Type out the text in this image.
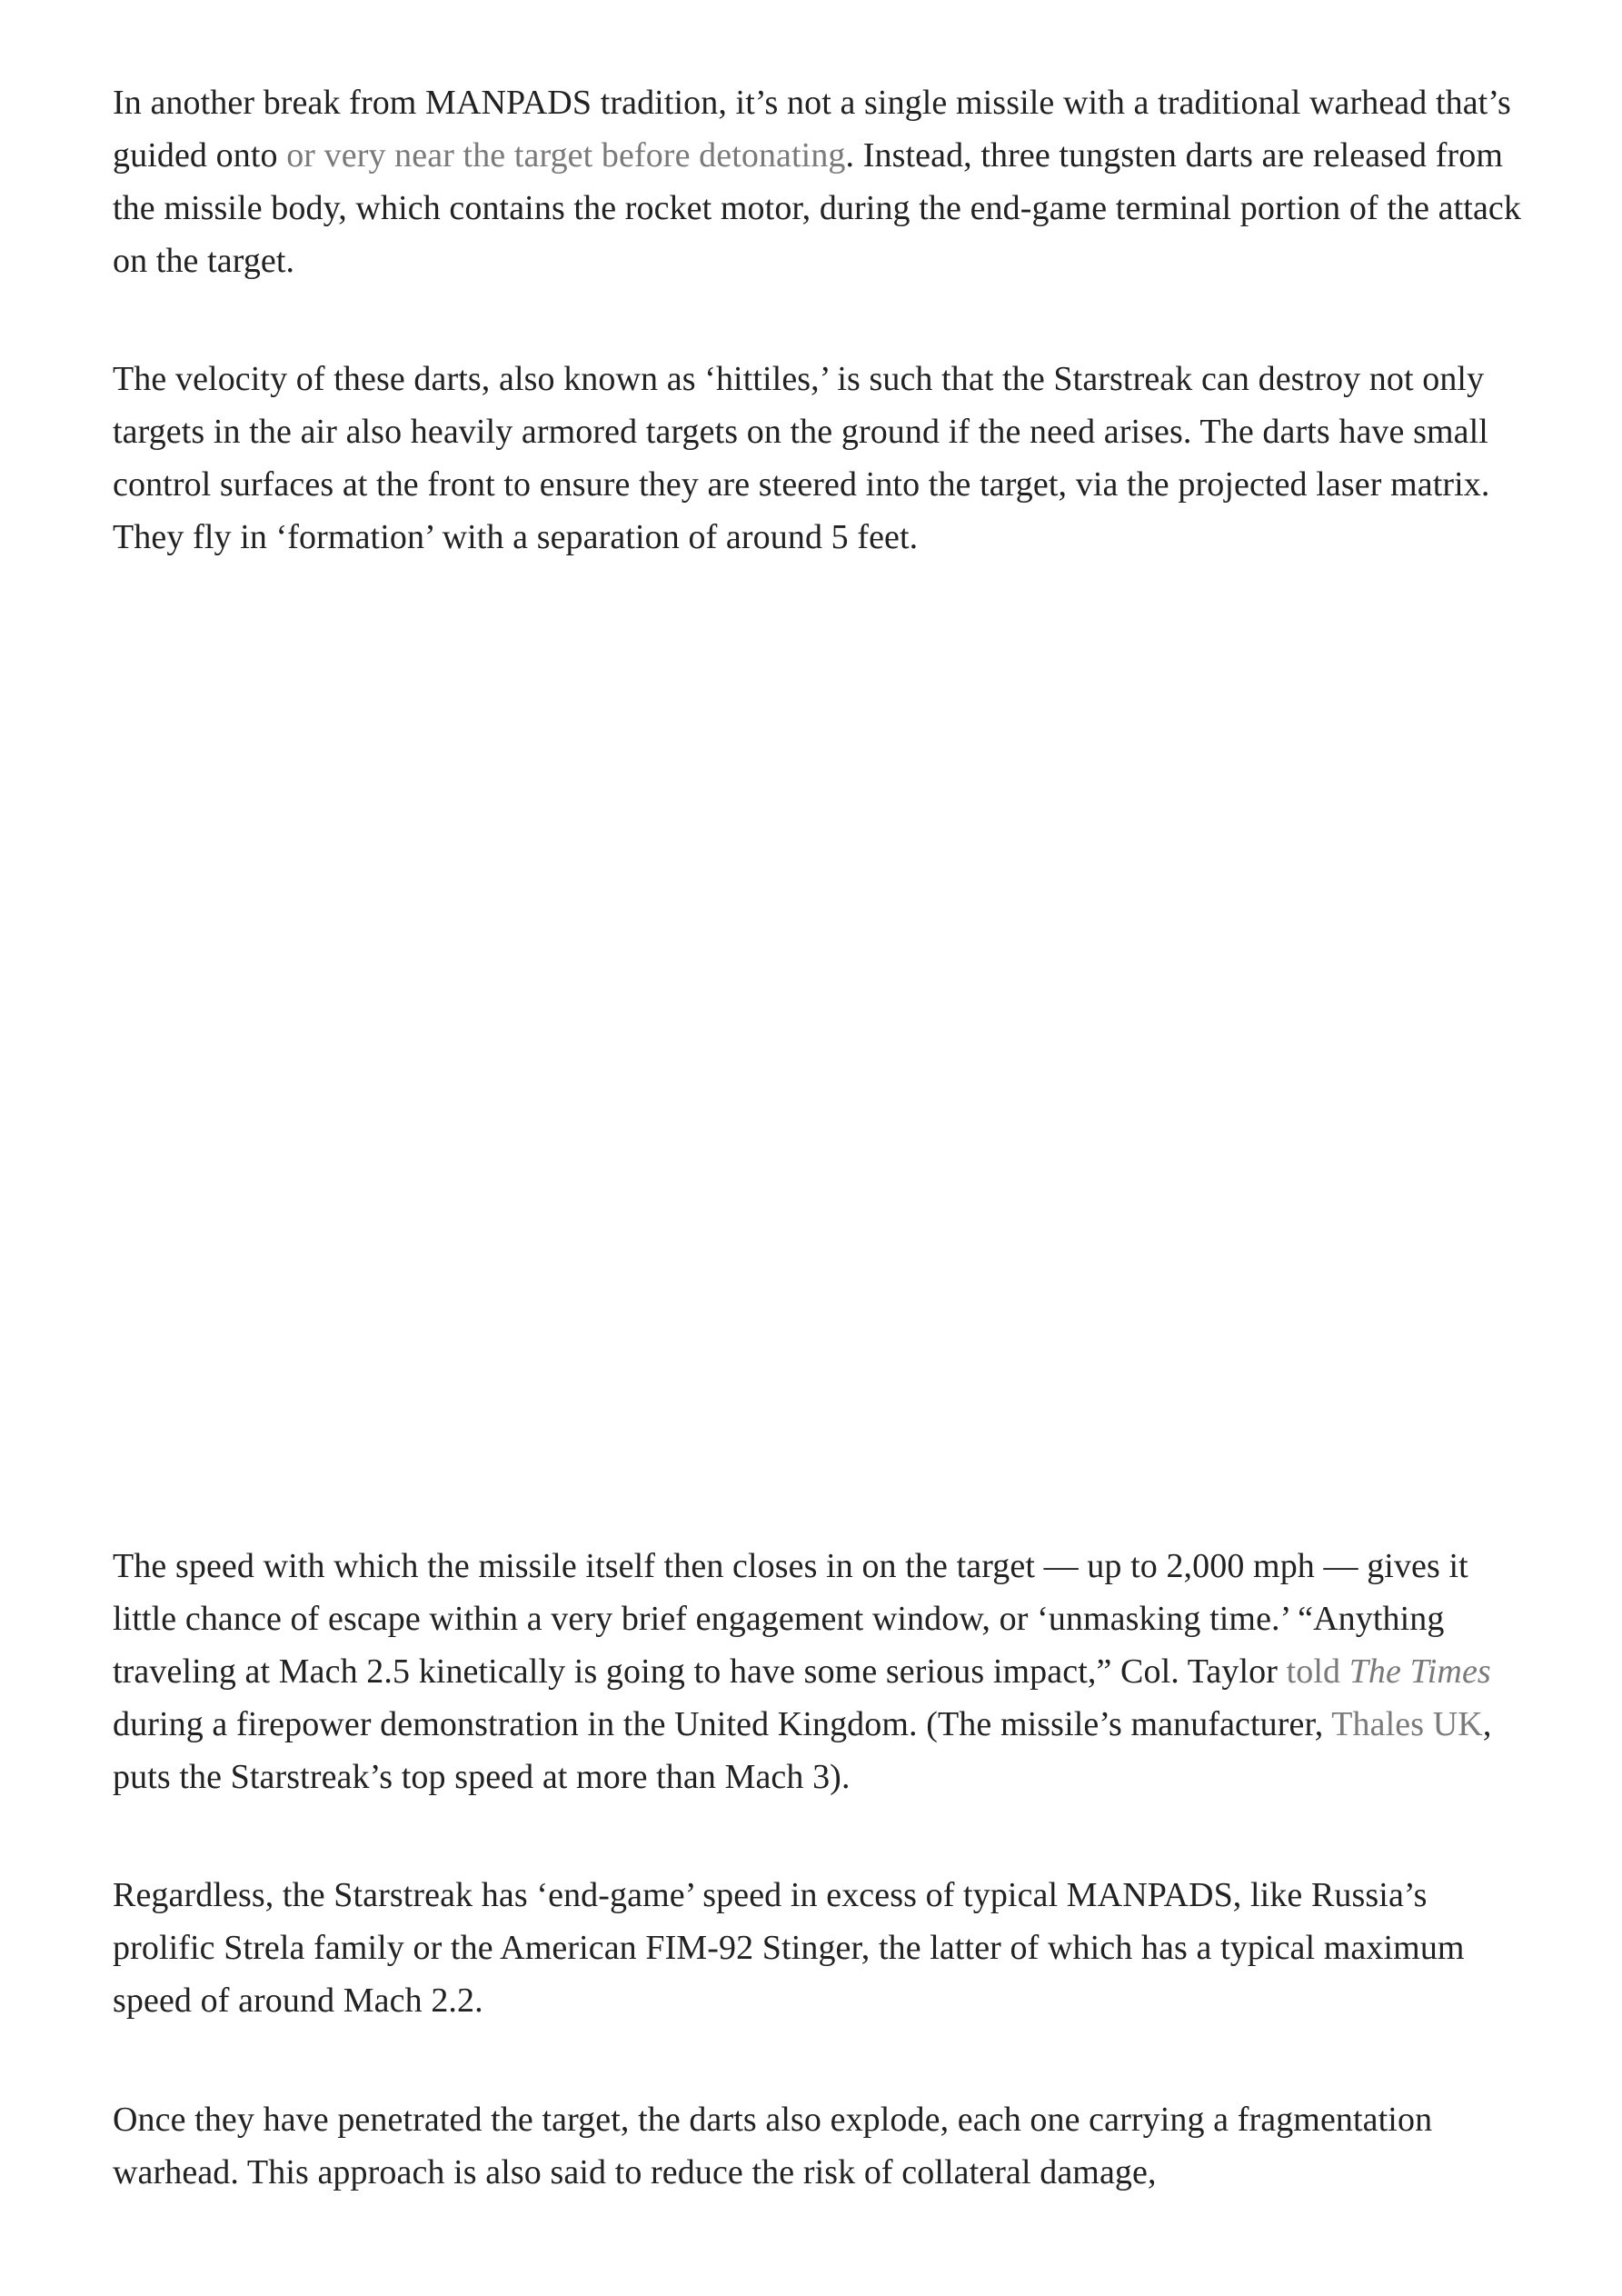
In another break from MANPADS tradition, it’s not a single missile with a traditional warhead that’s guided onto or very near the target before detonating. Instead, three tungsten darts are released from the missile body, which contains the rocket motor, during the end-game terminal portion of the attack on the target.

The velocity of these darts, also known as ‘hittiles,’ is such that the Starstreak can destroy not only targets in the air also heavily armored targets on the ground if the need arises. The darts have small control surfaces at the front to ensure they are steered into the target, via the projected laser matrix. They fly in ‘formation’ with a separation of around 5 feet.

The speed with which the missile itself then closes in on the target — up to 2,000 mph — gives it little chance of escape within a very brief engagement window, or ‘unmasking time.’ “Anything traveling at Mach 2.5 kinetically is going to have some serious impact,” Col. Taylor told The Times during a firepower demonstration in the United Kingdom. (The missile’s manufacturer, Thales UK, puts the Starstreak’s top speed at more than Mach 3).

Regardless, the Starstreak has ‘end-game’ speed in excess of typical MANPADS, like Russia’s prolific Strela family or the American FIM-92 Stinger, the latter of which has a typical maximum speed of around Mach 2.2.

Once they have penetrated the target, the darts also explode, each one carrying a fragmentation warhead. This approach is also said to reduce the risk of collateral damage,
